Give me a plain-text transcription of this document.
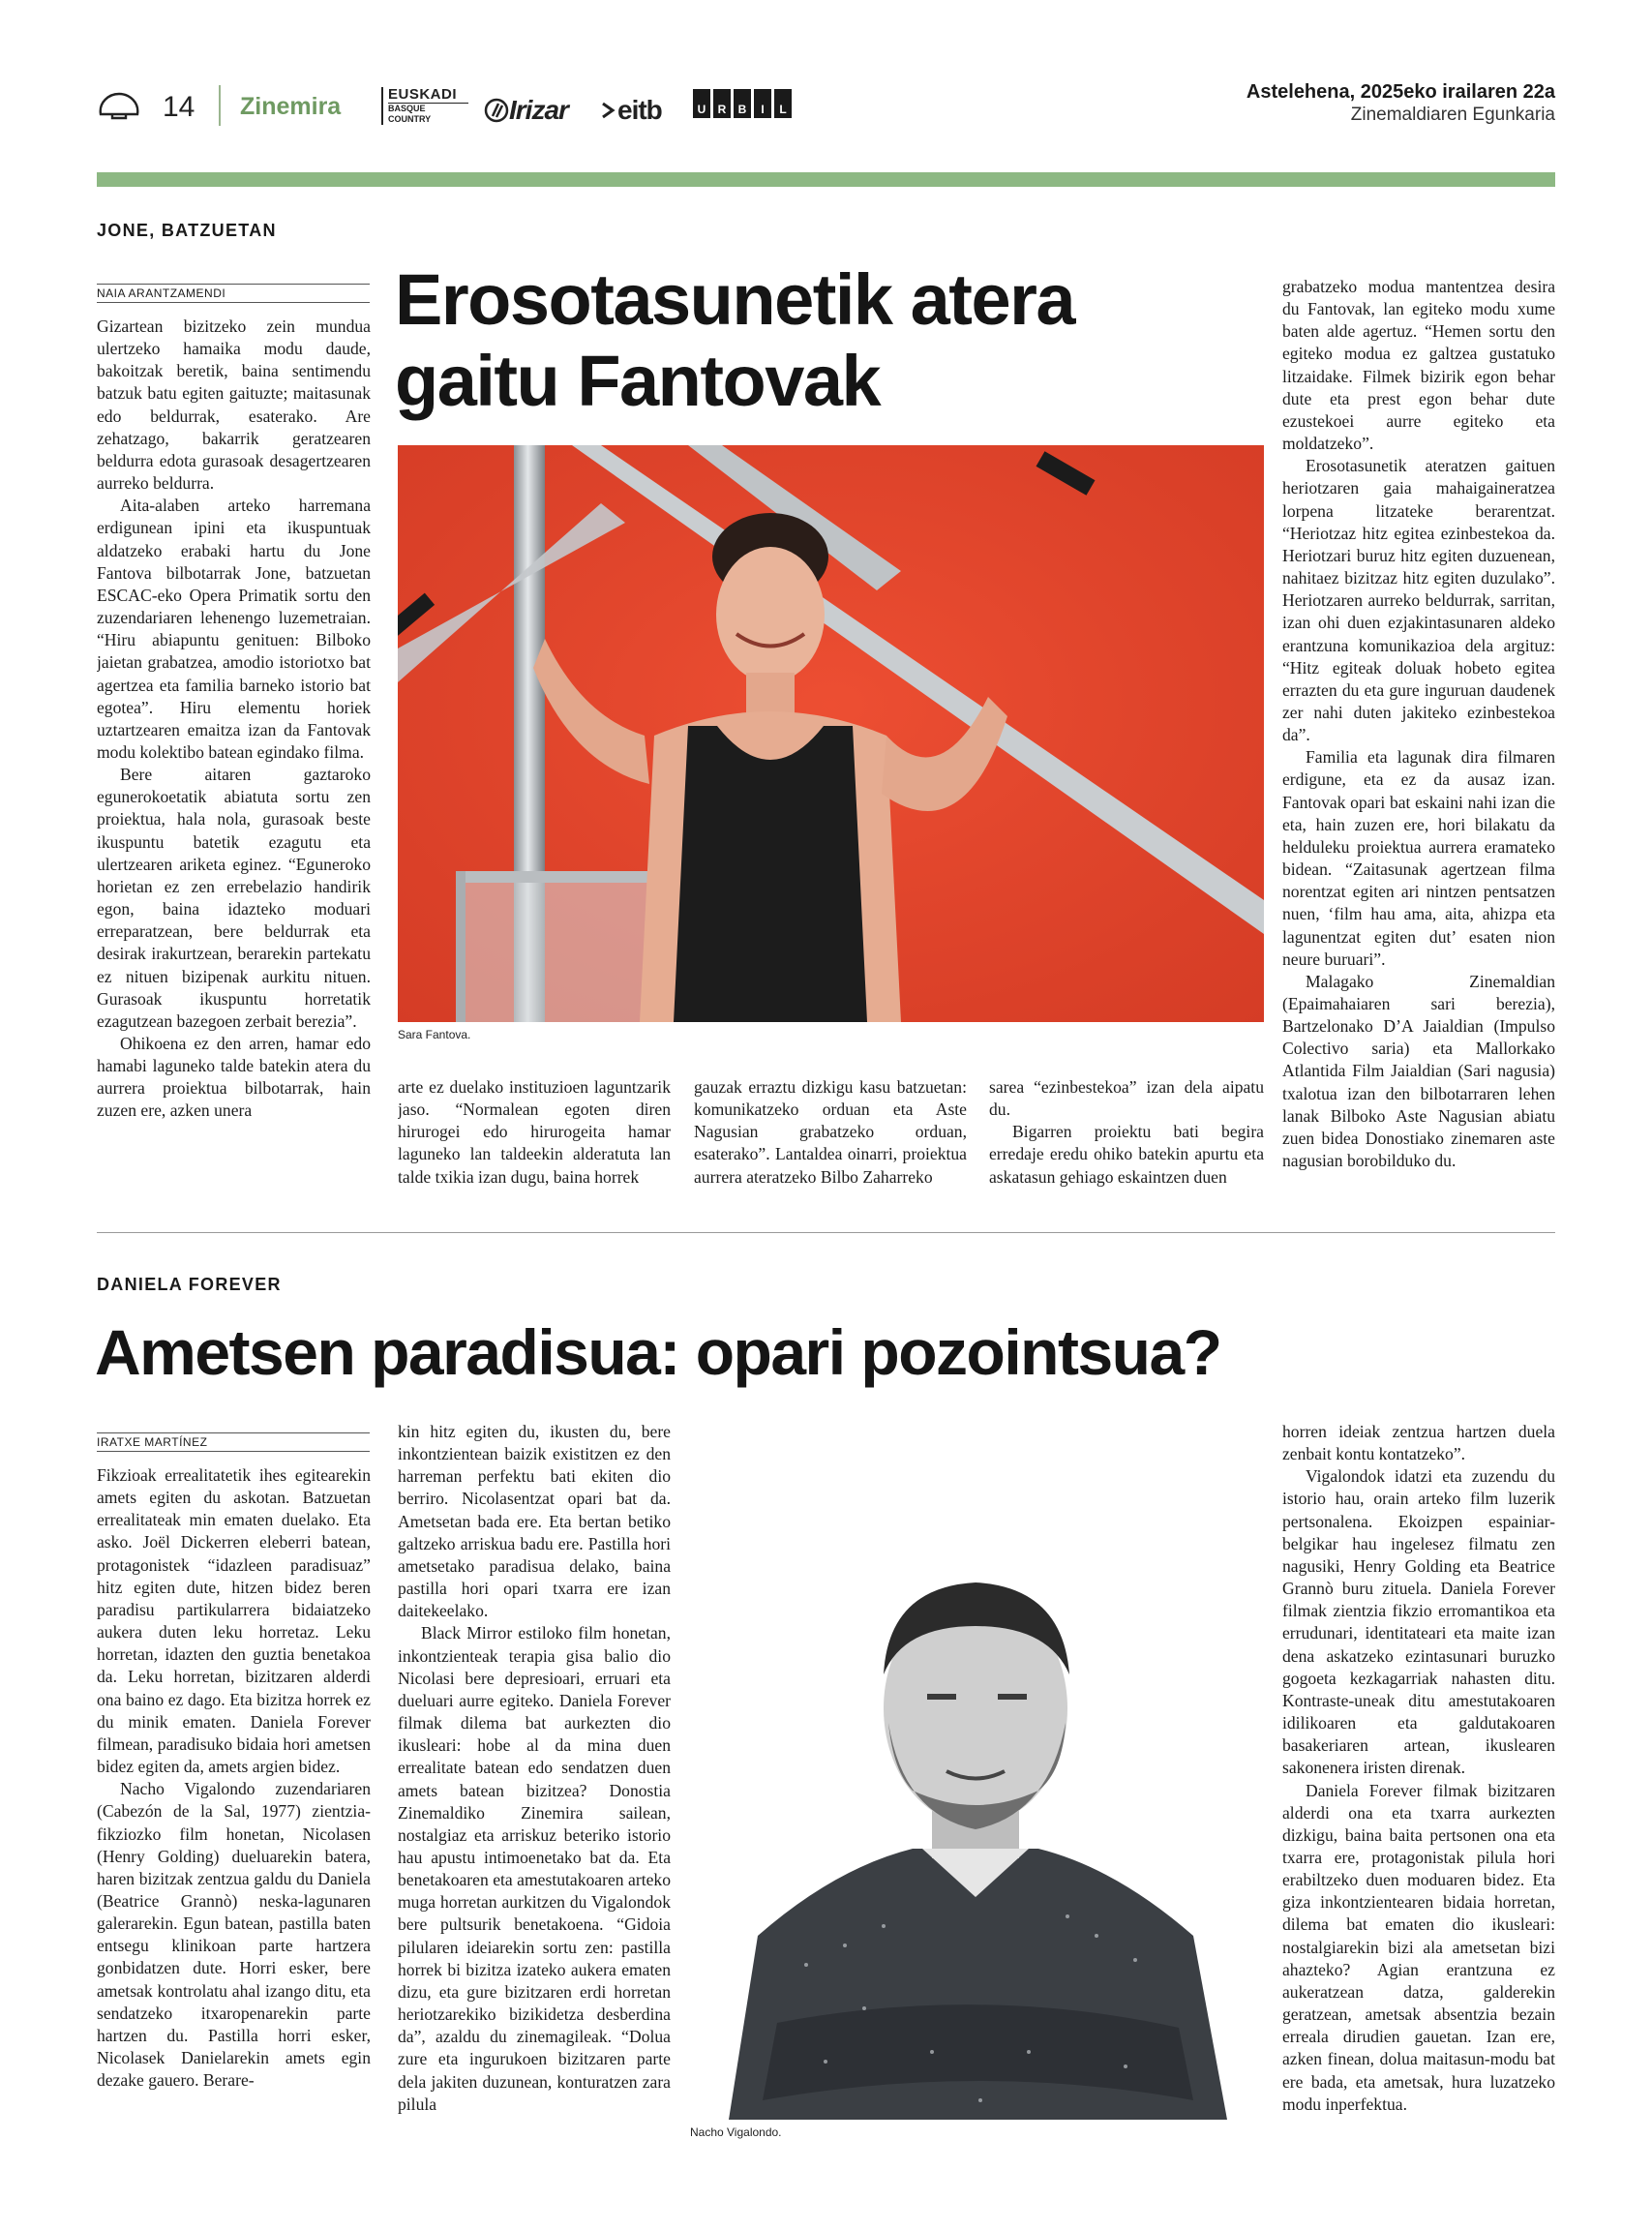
14 Zinemira	EUSKADI
BASQUE COUNTRY	Irizar	eitb	U	R	B	I	L
Astelehena, 2025eko irailaren 22a
Zinemaldiaren Egunkaria
JONE, BATZUETAN
NAIA ARANTZAMENDI	Erosotasunetik atera
gaitu Fantovak
Sara Fantova.

Gizartean bizitzeko zein mundua ulertzeko hamaika modu daude, bakoitzak beretik, baina sentimendu batzuk batu egiten gaituzte; maitasunak edo beldurrak, esaterako. Are zehatzago, bakarrik geratzearen beldurra edota gurasoak desagertzearen aurreko beldurra.

Aita-alaben arteko harremana erdigunean ipini eta ikuspuntuak aldatzeko erabaki hartu du Jone Fantova bilbotarrak Jone, batzuetan ESCAC-eko Opera Primatik sortu den zuzendariaren lehenengo luzemetraian. “Hiru abiapuntu genituen: Bilboko jaietan grabatzea, amodio istoriotxo bat agertzea eta familia barneko istorio bat egotea”. Hiru elementu horiek uztartzearen emaitza izan da Fantovak modu kolektibo batean egindako filma.

Bere aitaren gaztaroko egunerokoetatik abiatuta sortu zen proiektua, hala nola, gurasoak beste ikuspuntu batetik ezagutu eta ulertzearen ariketa eginez. “Eguneroko horietan ez zen errebelazio handirik egon, baina idazteko moduari erreparatzean, bere beldurrak eta desirak irakurtzean, berarekin partekatu ez nituen bizipenak aurkitu nituen. Gurasoak ikuspuntu horretatik ezagutzean bazegoen zerbait berezia”.

Ohikoena ez den arren, hamar edo hamabi laguneko talde batekin atera du aurrera proiektua bilbotarrak, hain zuzen ere, azken unera

arte ez duelako instituzioen laguntzarik jaso. “Normalean egoten diren hirurogei edo hirurogeita hamar laguneko lan taldeekin alderatuta lan talde txikia izan dugu, baina horrek

gauzak erraztu dizkigu kasu batzuetan: komunikatzeko orduan eta Aste Nagusian grabatzeko orduan, esaterako”. Lantaldea oinarri, proiektua aurrera ateratzeko Bilbo Zaharreko

sarea “ezinbestekoa” izan dela aipatu du.

Bigarren proiektu bati begira erredaje eredu ohiko batekin apurtu eta askatasun gehiago eskaintzen duen

grabatzeko modua mantentzea desira du Fantovak, lan egiteko modu xume baten alde agertuz. “Hemen sortu den egiteko modua ez galtzea gustatuko litzaidake. Filmek bizirik egon behar dute eta prest egon behar dute ezustekoei aurre egiteko eta moldatzeko”.

Erosotasunetik ateratzen gaituen heriotzaren gaia mahaigaineratzea lorpena litzateke berarentzat. “Heriotzaz hitz egitea ezinbestekoa da. Heriotzari buruz hitz egiten duzuenean, nahitaez bizitzaz hitz egiten duzulako”. Heriotzaren aurreko beldurrak, sarritan, izan ohi duen ezjakintasunaren aldeko erantzuna komunikazioa dela argituz: “Hitz egiteak doluak hobeto egitea errazten du eta gure inguruan daudenek zer nahi duten jakiteko ezinbestekoa da”.

Familia eta lagunak dira filmaren erdigune, eta ez da ausaz izan. Fantovak opari bat eskaini nahi izan die eta, hain zuzen ere, hori bilakatu da helduleku proiektua aurrera eramateko bidean. “Zaitasunak agertzean filma norentzat egiten ari nintzen pentsatzen nuen, ‘film hau ama, aita, ahizpa eta lagunentzat egiten dut’ esaten nion neure buruari”.

Malagako Zinemaldian (Epaimahaiaren sari berezia), Bartzelonako D’A Jaialdian (Impulso Colectivo saria) eta Mallorkako Atlantida Film Jaialdian (Sari nagusia) txalotua izan den bilbotarraren lehen lanak Bilboko Aste Nagusian abiatu zuen bidea Donostiako zinemaren aste nagusian borobilduko du.

DANIELA FOREVER
Ametsen paradisua: opari pozointsua?
IRATXE MARTÍNEZ
Nacho Vigalondo.

Fikzioak errealitatetik ihes egitearekin amets egiten du askotan. Batzuetan errealitateak min ematen duelako. Eta asko. Joël Dickerren eleberri batean, protagonistek “idazleen paradisuaz” hitz egiten dute, hitzen bidez beren paradisu partikularrera bidaiatzeko aukera duten leku horretaz. Leku horretan, idazten den guztia benetakoa da. Leku horretan, bizitzaren alderdi ona baino ez dago. Eta bizitza horrek ez du minik ematen. Daniela Forever filmean, paradisuko bidaia hori ametsen bidez egiten da, amets argien bidez.

Nacho Vigalondo zuzendariaren (Cabezón de la Sal, 1977) zientzia-fikziozko film honetan, Nicolasen (Henry Golding) dueluarekin batera, haren bizitzak zentzua galdu du Daniela (Beatrice Grannò) neska-lagunaren galerarekin. Egun batean, pastilla baten entsegu klinikoan parte hartzera gonbidatzen dute. Horri esker, bere ametsak kontrolatu ahal izango ditu, eta sendatzeko itxaropenarekin parte hartzen du. Pastilla horri esker, Nicolasek Danielarekin amets egin dezake gauero. Berare-

kin hitz egiten du, ikusten du, bere inkontzientean baizik existitzen ez den harreman perfektu bati ekiten dio berriro. Nicolasentzat opari bat da. Ametsetan bada ere. Eta bertan betiko galtzeko arriskua badu ere. Pastilla hori ametsetako paradisua delako, baina pastilla hori opari txarra ere izan daitekeelako.

Black Mirror estiloko film honetan, inkontzienteak terapia gisa balio dio Nicolasi bere depresioari, erruari eta dueluari aurre egiteko. Daniela Forever filmak dilema bat aurkezten dio ikusleari: hobe al da mina duen errealitate batean edo sendatzen duen amets batean bizitzea? Donostia Zinemaldiko Zinemira sailean, nostalgiaz eta arriskuz beteriko istorio hau apustu intimoenetako bat da. Eta benetakoaren eta amestutakoaren arteko muga horretan aurkitzen du Vigalondok bere pultsurik benetakoena. “Gidoia pilularen ideiarekin sortu zen: pastilla horrek bi bizitza izateko aukera ematen dizu, eta gure bizitzaren erdi horretan heriotzarekiko bizikidetza desberdina da”, azaldu du zinemagileak. “Dolua zure eta ingurukoen bizitzaren parte dela jakiten duzunean, konturatzen zara pilula

horren ideiak zentzua hartzen duela zenbait kontu kontatzeko”.

Vigalondok idatzi eta zuzendu du istorio hau, orain arteko film luzerik pertsonalena. Ekoizpen espainiar-belgikar hau ingelesez filmatu zen nagusiki, Henry Golding eta Beatrice Grannò buru zituela. Daniela Forever filmak zientzia fikzio erromantikoa eta errudunari, identitateari eta maite izan dena askatzeko ezintasunari buruzko gogoeta kezkagarriak nahasten ditu. Kontraste-uneak ditu amestutakoaren idilikoaren eta galdutakoaren basakeriaren artean, ikuslearen sakonenera iristen direnak.

Daniela Forever filmak bizitzaren alderdi ona eta txarra aurkezten dizkigu, baina baita pertsonen ona eta txarra ere, protagonistak pilula hori erabiltzeko duen moduaren bidez. Eta giza inkontzientearen bidaia horretan, dilema bat ematen dio ikusleari: nostalgiarekin bizi ala ametsetan bizi ahazteko? Agian erantzuna ez aukeratzean datza, galderekin geratzean, ametsak absentzia bezain erreala dirudien gauetan. Izan ere, azken finean, dolua maitasun-modu bat ere bada, eta ametsak, hura luzatzeko modu inperfektua.
